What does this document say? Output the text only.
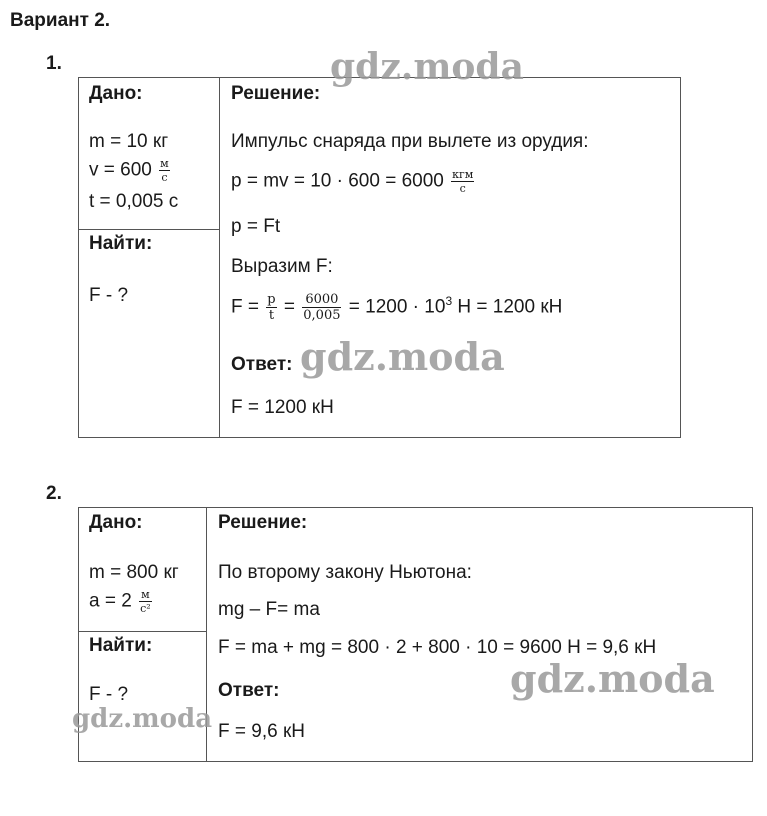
Вариант 2.
1.
Дано:
m = 10 кг
$v = 600 \frac{м}{с}$
t = 0,005 с
Найти:
F - ?
Решение:
Импульс снаряда при вылете из орудия:
p = mv = $10 \cdot 600 = 6000 \frac{\text{кгм}}{с}$
p = Ft
Выразим F:
$F = \frac{p}{t} = \frac{6000}{0,005} = 1200 \cdot 10^3$ Н = 1200 кН
Ответ:
F = 1200 кН
2.
Дано:
m = 800 кг
$a = 2 \frac{м}{\text{с²}}$
Найти:
F - ?
Решение:
По второму закону Ньютона:
mg – F= ma
F = ma + mg = 800 · 2 + 800 · 10 = 9600 Н = 9,6 кН
Ответ:
F = 9,6 кН
gdz.moda
gdz.moda
gdz.moda
gdz.moda
